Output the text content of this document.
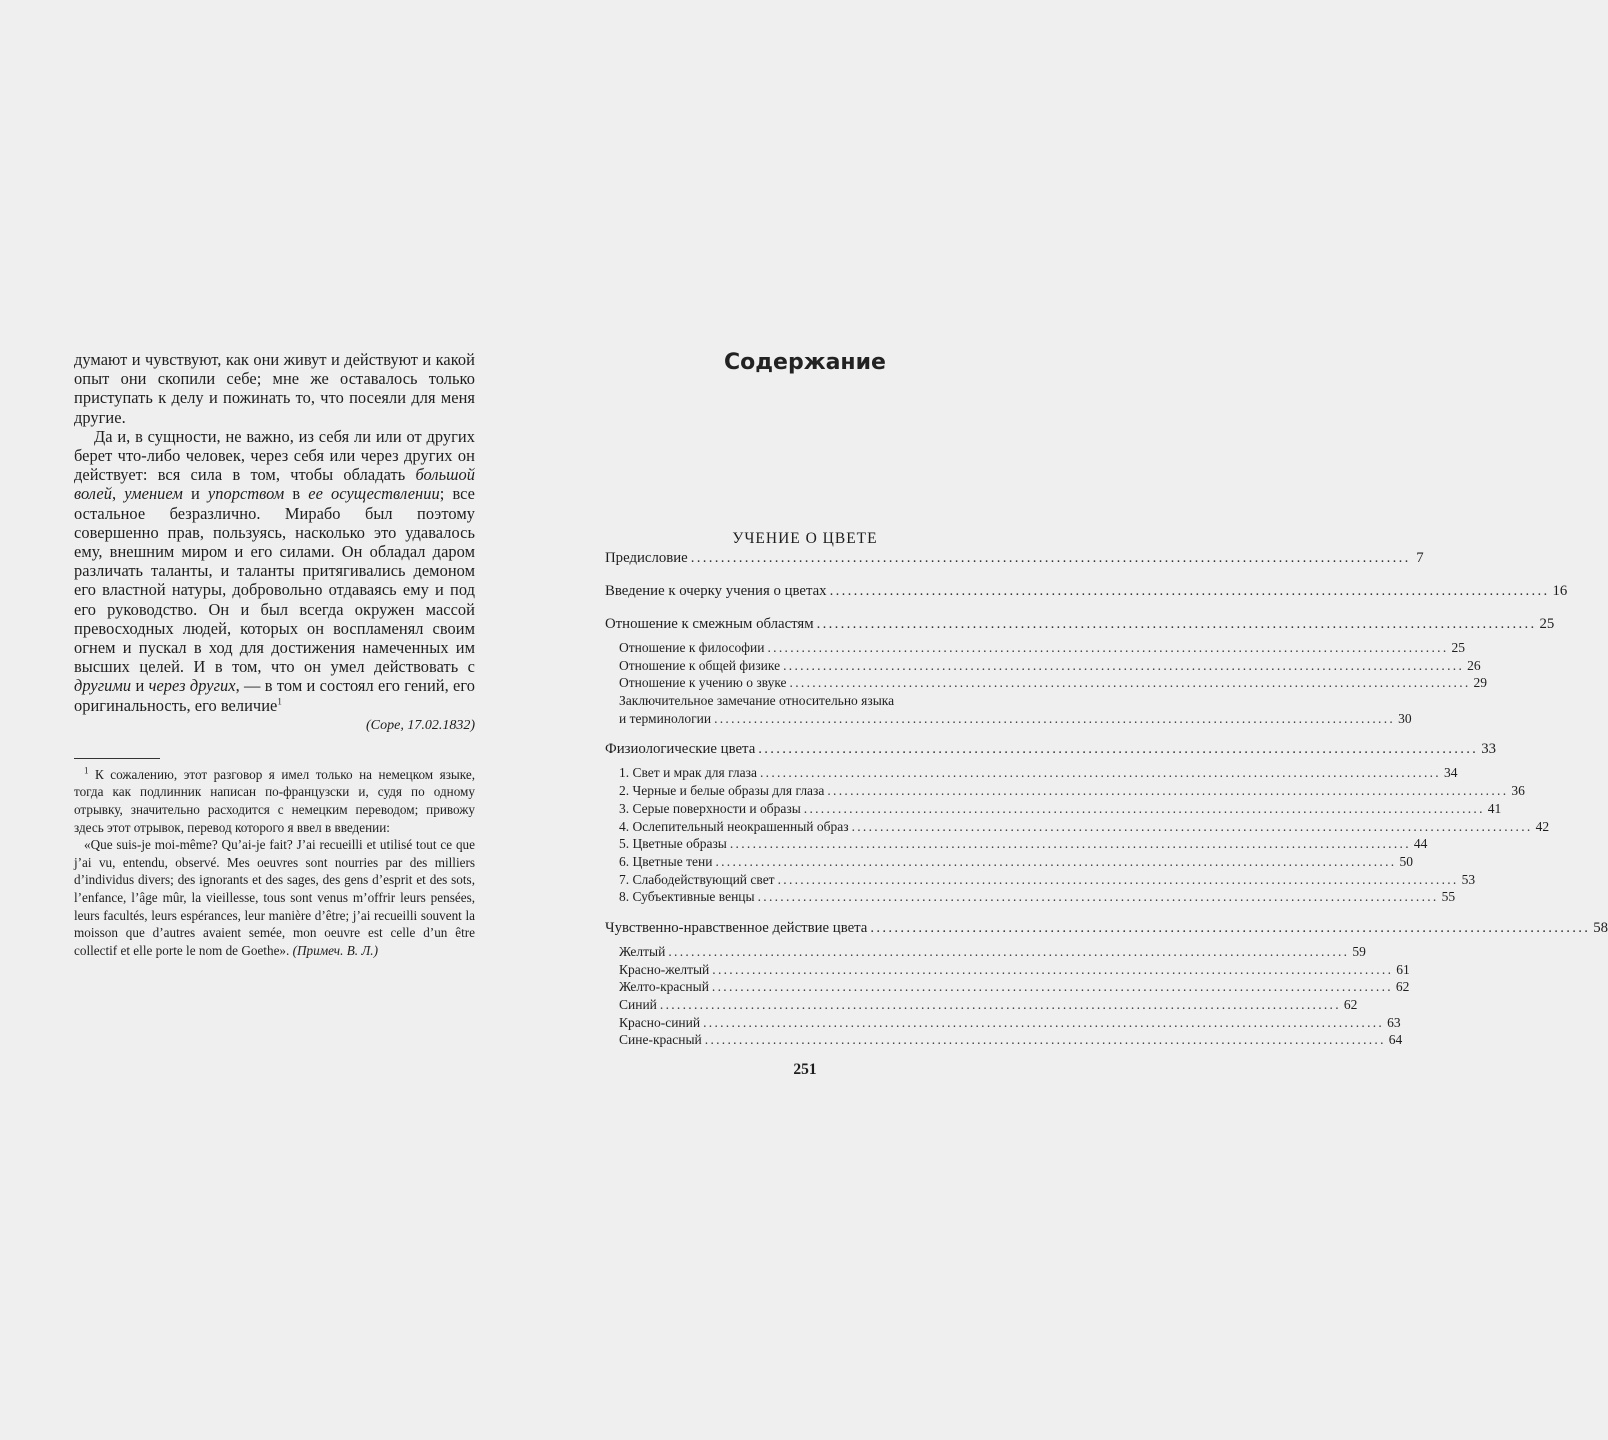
думают и чувствуют, как они живут и действуют и какой опыт они скопили себе; мне же оставалось только приступать к делу и пожинать то, что посеяли для меня другие.

Да и, в сущности, не важно, из себя ли или от других берет что-либо человек, через себя или через других он действует: вся сила в том, чтобы обладать большой волей, умением и упорством в ее осуществлении; все остальное безразлично. Мирабо был поэтому совершенно прав, пользуясь, насколько это удавалось ему, внешним миром и его силами. Он обладал даром различать таланты, и таланты притягивались демоном его властной натуры, добровольно отдаваясь ему и под его руководство. Он и был всегда окружен массой превосходных людей, которых он воспламенял своим огнем и пускал в ход для достижения намеченных им высших целей. И в том, что он умел действовать с другими и через других, — в том и состоял его гений, его оригинальность, его величие$^1$

(Соре, 17.02.1832)

$^1$ К сожалению, этот разговор я имел только на немецком языке, тогда как подлинник написан по-французски и, судя по одному отрывку, значительно расходится с немецким переводом; привожу здесь этот отрывок, перевод которого я ввел в введении:

«Que suis-je moi-même? Qu’ai-je fait? J’ai recueilli et utilisé tout ce que j’ai vu, entendu, observé. Mes oeuvres sont nourries par des milliers d’individus divers; des ignorants et des sages, des gens d’esprit et des sots, l’enfance, l’âge mûr, la vieillesse, tous sont venus m’offrir leurs pensées, leurs facultés, leurs espérances, leur manière d’être; j’ai recueilli souvent la moisson que d’autres avaient semée, mon oeuvre est celle d’un être collectif et elle porte le nom de Goethe». (Примеч. В. Л.)

Содержание
УЧЕНИЕ О ЦВЕТЕ
Предисловие ........................................................................................................................ 7
Введение к очерку учения о цветах ........................................................................................................................ 16
Отношение к смежным областям ........................................................................................................................ 25
Отношение к философии ........................................................................................................................ 25
Отношение к общей физике ........................................................................................................................ 26
Отношение к учению о звуке ........................................................................................................................ 29
Заключительное замечание относительно языка
и терминологии ........................................................................................................................ 30
Физиологические цвета ........................................................................................................................ 33
1. Свет и мрак для глаза ........................................................................................................................ 34
2. Черные и белые образы для глаза ........................................................................................................................ 36
3. Серые поверхности и образы ........................................................................................................................ 41
4. Ослепительный неокрашенный образ ........................................................................................................................ 42
5. Цветные образы ........................................................................................................................ 44
6. Цветные тени ........................................................................................................................ 50
7. Слабодействующий свет ........................................................................................................................ 53
8. Субъективные венцы ........................................................................................................................ 55
Чувственно-нравственное действие цвета ........................................................................................................................ 58
Желтый ........................................................................................................................ 59
Красно-желтый ........................................................................................................................ 61
Желто-красный ........................................................................................................................ 62
Синий ........................................................................................................................ 62
Красно-синий ........................................................................................................................ 63
Сине-красный ........................................................................................................................ 64
251
